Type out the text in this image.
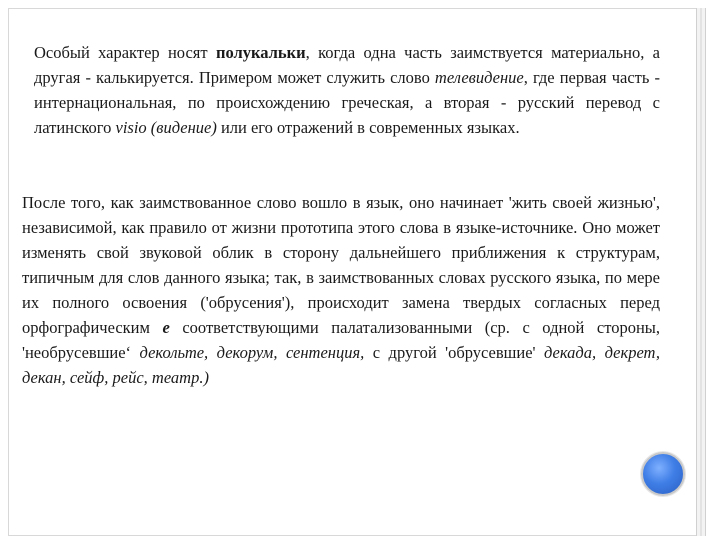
Особый характер носят полукальки, когда одна часть заимствуется материально, а другая - калькируется. Примером может служить слово телевидение, где первая часть - интернациональная, по происхождению греческая, а вторая - русский перевод с латинского visio (видение) или его отражений в современных языках.

После того, как заимствованное слово вошло в язык, оно начинает 'жить своей жизнью', независимой, как правило от жизни прототипа этого слова в языке-источнике. Оно может изменять свой звуковой облик в сторону дальнейшего приближения к структурам, типичным для слов данного языка; так, в заимствованных словах русского языка, по мере их полного освоения ('обрусения'), происходит замена твердых согласных перед орфографическим е соответствующими палатализованными (ср. с одной стороны, 'необрусевшие‘ декольте, декорум, сентенция, с другой 'обрусевшие' декада, декрет, декан, сейф, рейс, театр.)
